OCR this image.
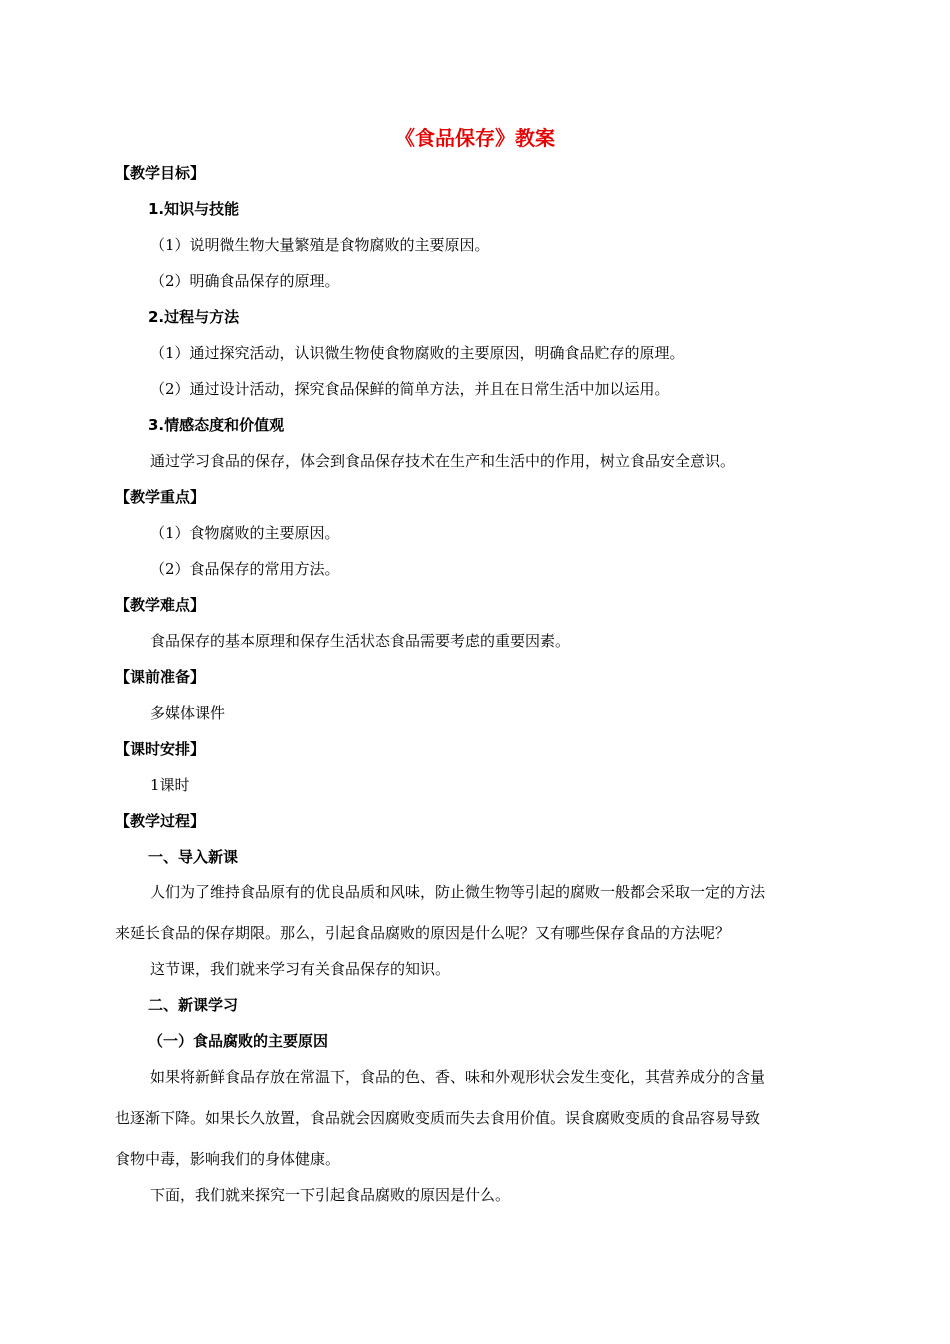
《食品保存》教案
【教学目标】
1.知识与技能
（1）说明微生物大量繁殖是食物腐败的主要原因。
（2）明确食品保存的原理。
2.过程与方法
（1）通过探究活动，认识微生物使食物腐败的主要原因，明确食品贮存的原理。
（2）通过设计活动，探究食品保鲜的简单方法，并且在日常生活中加以运用。
3.情感态度和价值观
通过学习食品的保存，体会到食品保存技术在生产和生活中的作用，树立食品安全意识。
【教学重点】
（1）食物腐败的主要原因。
（2）食品保存的常用方法。
【教学难点】
食品保存的基本原理和保存生活状态食品需要考虑的重要因素。
【课前准备】
多媒体课件
【课时安排】
1课时
【教学过程】
一、导入新课
人们为了维持食品原有的优良品质和风味，防止微生物等引起的腐败一般都会采取一定的方法
来延长食品的保存期限。那么，引起食品腐败的原因是什么呢？又有哪些保存食品的方法呢？
这节课，我们就来学习有关食品保存的知识。
二、新课学习
（一）食品腐败的主要原因
如果将新鲜食品存放在常温下，食品的色、香、味和外观形状会发生变化，其营养成分的含量
也逐渐下降。如果长久放置，食品就会因腐败变质而失去食用价值。误食腐败变质的食品容易导致
食物中毒，影响我们的身体健康。
下面，我们就来探究一下引起食品腐败的原因是什么。
